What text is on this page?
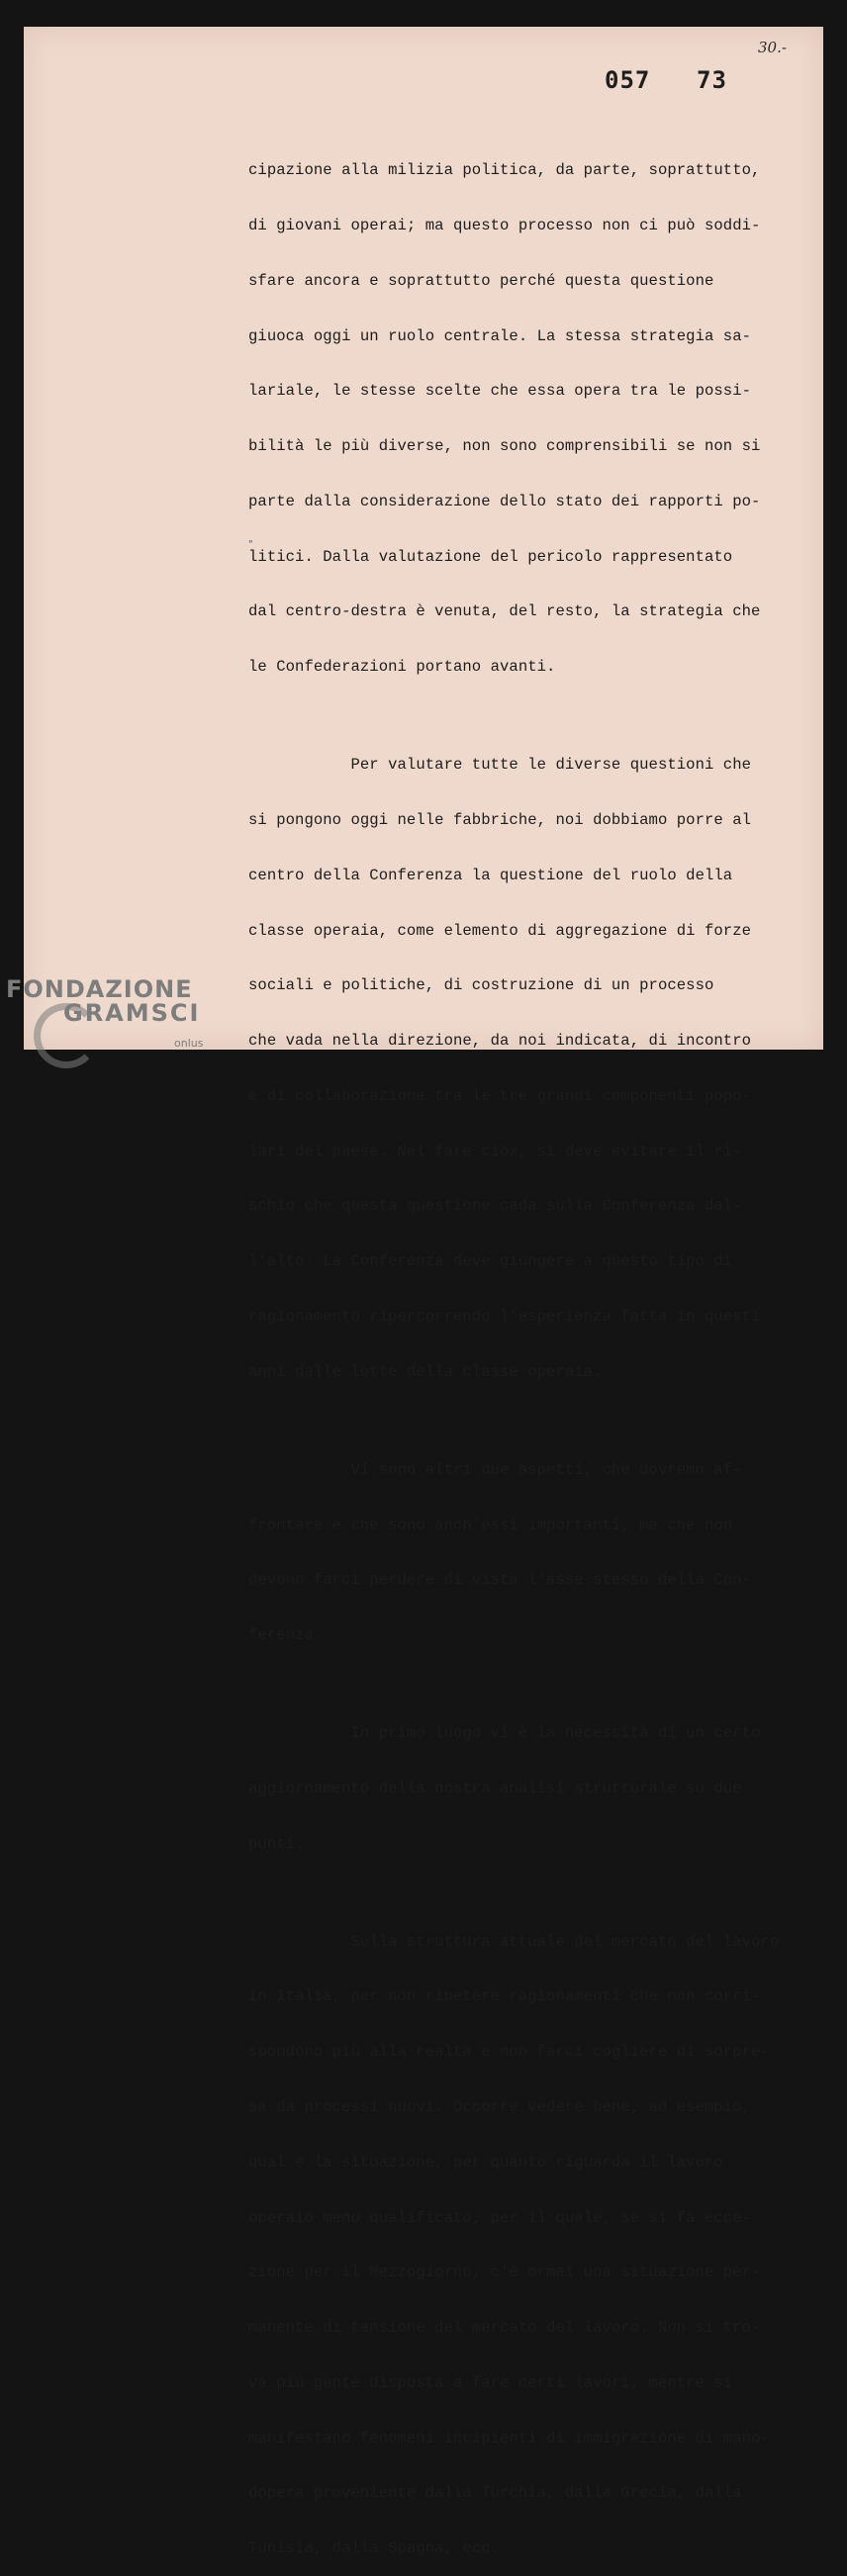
30.-
057 73

cipazione alla milizia politica, da parte, soprattutto,

di giovani operai; ma questo processo non ci può soddi-

sfare ancora e soprattutto perché questa questione

giuoca oggi un ruolo centrale. La stessa strategia sa-

lariale, le stesse scelte che essa opera tra le possi-

bilità le più diverse, non sono comprensibili se non si

parte dalla considerazione dello stato dei rapporti po-

litici. Dalla valutazione del pericolo rappresentato

dal centro-destra è venuta, del resto, la strategia che

le Confederazioni portano avanti.

Per valutare tutte le diverse questioni che

si pongono oggi nelle fabbriche, noi dobbiamo porre al

centro della Conferenza la questione del ruolo della

classe operaia, come elemento di aggregazione di forze

sociali e politiche, di costruzione di un processo

che vada nella direzione, da noi indicata, di incontro

e di collaborazione tra le tre grandi componenti popo-

lari del paese. Nel fare ciòx, si deve evitare il ri-

schio che questa questione cada sulla Conferenza dal-

l'alto. La Conferenza deve giungere a questo tipo di

ragionamento ripercorrendo l'esperienza fatta in questi

anni dalle lotte della classe operaia.

Vi sono altri due aspetti, che dovremo af-

frontare e che sono anch'essi importanti, ma che non

devono farci perdere di vista l'asse stesso della Con-

ferenza.

In primo luogo vi è la necessità di un certo

aggiornamento della nostra analisi strutturale su due

punti.

Sulla struttura attuale del mercato del lavoro

in Italia, per non ripetere ragionamenti che non corri-

spondono più alla realtà e non farci cogliere di sorpre-

sa da processi nuovi. Occorre vedere bene, ad esempio,

qual è la situazione, per quanto riguarda il lavoro

operaio meno qualificato, per il quale, se si fa ecce-

zione per il Mezzogiorno, c'è ormai una situazione per-

manente di tensione del mercato del lavoro. Non si tro-

va più gente disposta a fare certi lavori, mentre si

manifestano fenomeni incipienti di immigrazione di mano-

dopera proveniente dalla Turchia, dalla Grecia, dalla

Tunisia, dalla Spagna, ecc.

"
FONDAZIONE
GRAMSCI
onlus
